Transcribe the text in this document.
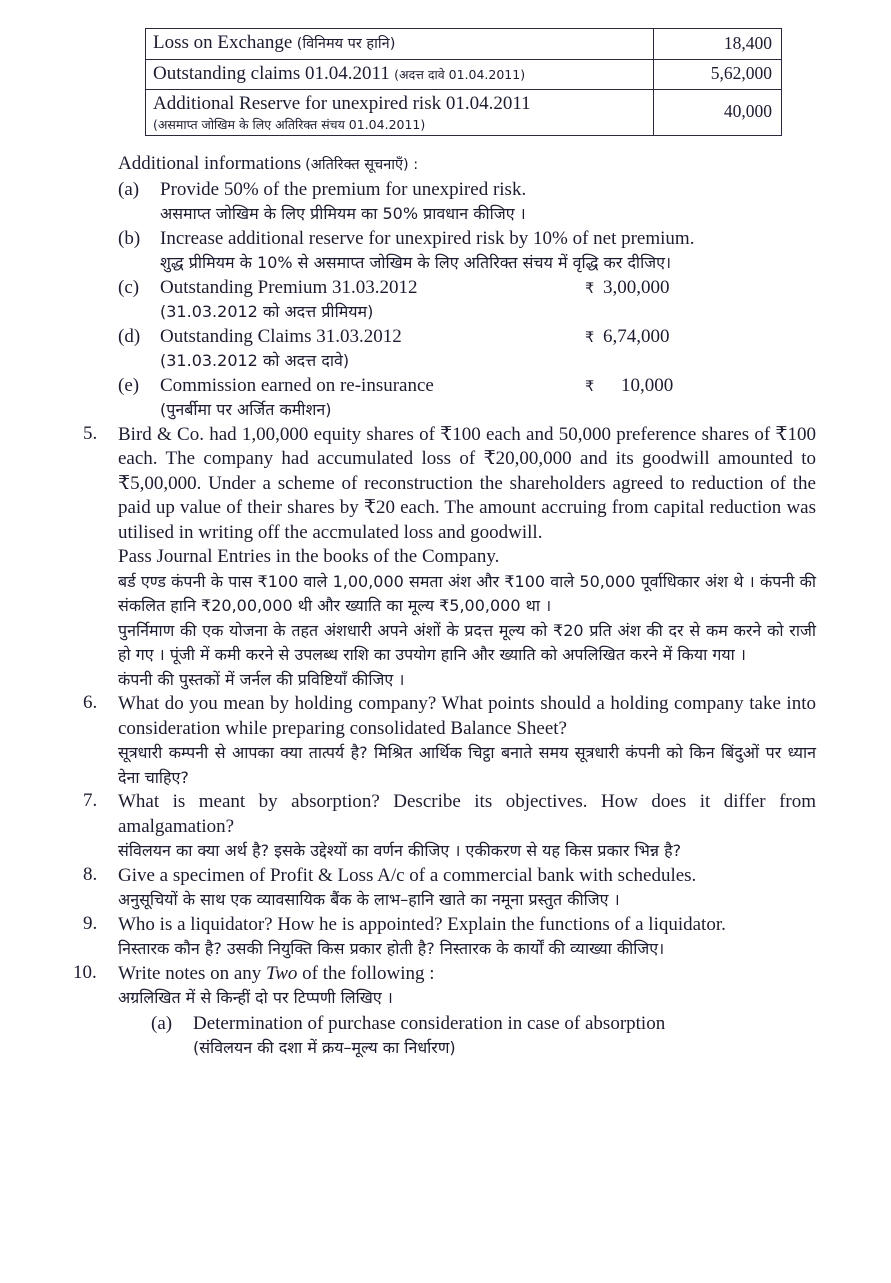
Loss on Exchange (विनिमय पर हानि)	18,400
Outstanding claims 01.04.2011 (अदत्त दावे 01.04.2011)	5,62,000

Additional Reserve for unexpired risk 01.04.2011
(असमाप्त जोखिम के लिए अतिरिक्त संचय 01.04.2011)	40,000
Additional informations (अतिरिक्त सूचनाएँ) :
(a)	Provide 50% of the premium for unexpired risk.
असमाप्त जोखिम के लिए प्रीमियम का 50% प्रावधान कीजिए ।
(b)	Increase additional reserve for unexpired risk by 10% of net premium.
शुद्ध प्रीमियम के 10% से असमाप्त जोखिम के लिए अतिरिक्त संचय में वृद्धि कर दीजिए।
(c)	Outstanding Premium 31.03.2012	₹ 3,00,000
(31.03.2012 को अदत्त प्रीमियम)
(d)	Outstanding Claims 31.03.2012	₹ 6,74,000
(31.03.2012 को अदत्त दावे)
(e)	Commission earned on re-insurance	₹ 10,000
(पुनर्बीमा पर अर्जित कमीशन)
5.	Bird & Co. had 1,00,000 equity shares of ₹100 each and 50,000 preference shares of ₹100 each. The company had accumulated loss of ₹20,00,000 and its goodwill amounted to ₹5,00,000. Under a scheme of reconstruction the shareholders agreed to reduction of the paid up value of their shares by ₹20 each. The amount accruing from capital reduction was utilised in writing off the accmulated loss and goodwill.

Pass Journal Entries in the books of the Company.

बर्ड एण्ड कंपनी के पास ₹100 वाले 1,00,000 समता अंश और ₹100 वाले 50,000 पूर्वाधिकार अंश थे । कंपनी की संकलित हानि ₹20,00,000 थी और ख्याति का मूल्य ₹5,00,000 था ।

पुनर्निमाण की एक योजना के तहत अंशधारी अपने अंशों के प्रदत्त मूल्य को ₹20 प्रति अंश की दर से कम करने को राजी हो गए । पूंजी में कमी करने से उपलब्ध राशि का उपयोग हानि और ख्याति को अपलिखित करने में किया गया ।

कंपनी की पुस्तकों में जर्नल की प्रविष्टियाँ कीजिए ।

6.	What do you mean by holding company? What points should a holding company take into consideration while preparing consolidated Balance Sheet?

सूत्रधारी कम्पनी से आपका क्या तात्पर्य है? मिश्रित आर्थिक चिट्ठा बनाते समय सूत्रधारी कंपनी को किन बिंदुओं पर ध्यान देना चाहिए?

7.	What is meant by absorption? Describe its objectives. How does it differ from amalgamation?

संविलयन का क्या अर्थ है? इसके उद्देश्यों का वर्णन कीजिए । एकीकरण से यह किस प्रकार भिन्न है?

8.	Give a specimen of Profit & Loss A/c of a commercial bank with schedules.

अनुसूचियों के साथ एक व्यावसायिक बैंक के लाभ–हानि खाते का नमूना प्रस्तुत कीजिए ।

9.	Who is a liquidator? How he is appointed? Explain the functions of a liquidator.

निस्तारक कौन है? उसकी नियुक्ति किस प्रकार होती है? निस्तारक के कार्यों की व्याख्या कीजिए।

10.	Write notes on any Two of the following :

अग्रलिखित में से किन्हीं दो पर टिप्पणी लिखिए ।

(a)	Determination of purchase consideration in case of absorption
(संविलयन की दशा में क्रय–मूल्य का निर्धारण)
